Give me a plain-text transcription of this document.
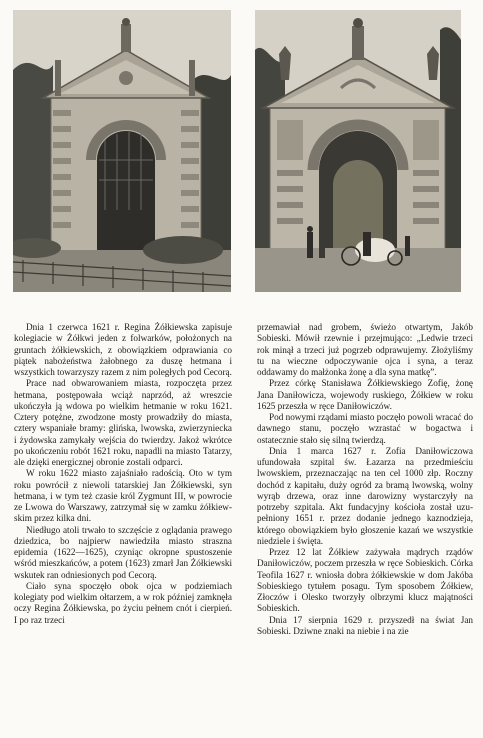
Dnia 1 czerwca 1621 r. Regina Żółkiewska zapisuje kolegiacie w Żółkwi jeden z folwarków, położonych na gruntach żółkiewskich, z obowiązkiem odprawiania co piątek nabożeństwa żałobnego za duszę hetmana i wszystkich towarzyszy razem z nim poległych pod Cecorą.

Prace nad obwarowaniem miasta, rozpoczęta przez hetmana, postępowała wciąż naprzód, aż wreszcie ukończyła ją wdowa po wielkim hetmanie w roku 1621. Cztery potężne, zwodzone mosty prowadziły do miasta, cztery wspaniałe bramy: glińska, lwowska, zwierzyniecka i żydowska zamykały wejścia do twierdzy. Jakoż wkrótce po ukończeniu robót 1621 roku, napadli na miasto Tatarzy, ale dzięki energicznej obronie zostali odparci.

W roku 1622 miasto zajaśniało radością. Oto w tym roku powrócił z niewoli tatarskiej Jan Żółkiewski, syn hetmana, i w tym też czasie król Zygmunt III, w powrocie ze Lwowa do Warszawy, zatrzymał się w zamku żółkiewskim przez kilka dni.

Niedługo atoli trwało to szczęście z oglądania prawego dziedzica, bo najpierw nawiedziła miasto straszna epidemia (1622—1625), czyniąc okropne spustoszenie wśród mieszkańców, a potem (1623) zmarł Jan Żółkiewski wskutek ran odniesionych pod Cecorą.

Ciało syna spoczęło obok ojca w podziemiach kolegiaty pod wielkim ołtarzem, a w rok później zamknęła oczy Regina Żółkiewska, po życiu pełnem cnót i cierpień. I po raz trzeci

przemawiał nad grobem, świeżo otwartym, Jakób Sobieski. Mówił rzewnie i przejmująco: „Ledwie trzeci rok minął a trzeci już pogrzeb odprawujemy. Złożyliśmy tu na wieczne odpoczywanie ojca i syna, a teraz oddawamy do małżonka żonę a dla syna matkę”.

Przez córkę Stanisława Żółkiewskiego Zofię, żonę Jana Daniłowicza, wojewody ruskiego, Żółkiew w roku 1625 przeszła w ręce Daniłowiczów.

Pod nowymi rządami miasto poczęło powoli wracać do dawnego stanu, poczęło wzrastać w bogactwa i ostatecznie stało się silną twierdzą.

Dnia 1 marca 1627 r. Zofia Daniłowiczowa ufundowała szpital św. Łazarza na przedmieściu lwowskiem, przeznaczając na ten cel 1000 złp. Roczny dochód z kapitału, duży ogród za bramą lwowską, wolny wyrąb drzewa, oraz inne darowizny wystarczyły na potrzeby szpitala. Akt fundacyjny kościoła został uzupełniony 1651 r. przez dodanie jednego kaznodzieja, którego obowiązkiem było głoszenie kazań we wszystkie niedziele i święta.

Przez 12 lat Żółkiew zażywała mądrych rządów Daniłowiczów, poczem przeszła w ręce Sobieskich. Córka Teofila 1627 r. wniosła dobra żółkiewskie w dom Jakóba Sobieskiego tytułem posagu. Tym sposobem Żółkiew, Złoczów i Olesko tworzyły olbrzymi klucz majątności Sobieskich.

Dnia 17 sierpnia 1629 r. przyszedł na świat Jan Sobieski. Dziwne znaki na niebie i na zie
